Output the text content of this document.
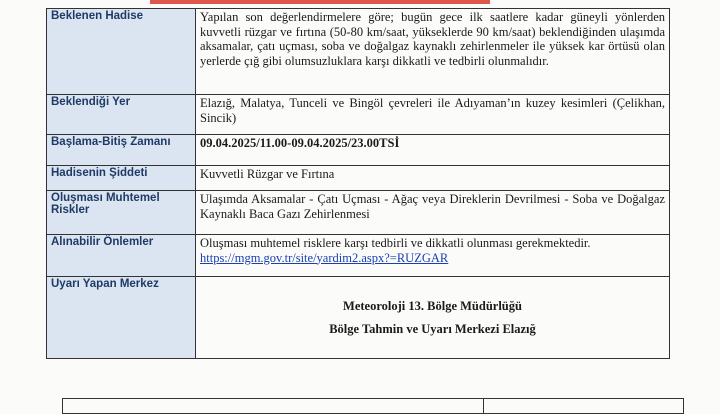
Beklenen Hadise	Yapılan son değerlendirmelere göre; bugün gece ilk saatlere kadar güneyli yönlerden kuvvetli rüzgar ve fırtına (50-80 km/saat, yükseklerde 90 km/saat) beklendiğinden ulaşımda aksamalar, çatı uçması, soba ve doğalgaz kaynaklı zehirlenmeler ile yüksek kar örtüsü olan yerlerde çığ gibi olumsuzluklara karşı dikkatli ve tedbirli olunmalıdır.
Beklendiği Yer	Elazığ, Malatya, Tunceli ve Bingöl çevreleri ile Adıyaman’ın kuzey kesimleri (Çelikhan, Sincik)
Başlama-Bitiş Zamanı	09.04.2025/11.00-09.04.2025/23.00TSİ
Hadisenin Şiddeti	Kuvvetli Rüzgar ve Fırtına
Oluşması Muhtemel Riskler	Ulaşımda Aksamalar - Çatı Uçması - Ağaç veya Direklerin Devrilmesi - Soba ve Doğalgaz Kaynaklı Baca Gazı Zehirlenmesi
Alınabilir Önlemler	Oluşması muhtemel risklere karşı tedbirli ve dikkatli olunması gerekmektedir.
https://mgm.gov.tr/site/yardim2.aspx?=RUZGAR
Uyarı Yapan Merkez	Meteoroloji 13. Bölge Müdürlüğü
Bölge Tahmin ve Uyarı Merkezi Elazığ
